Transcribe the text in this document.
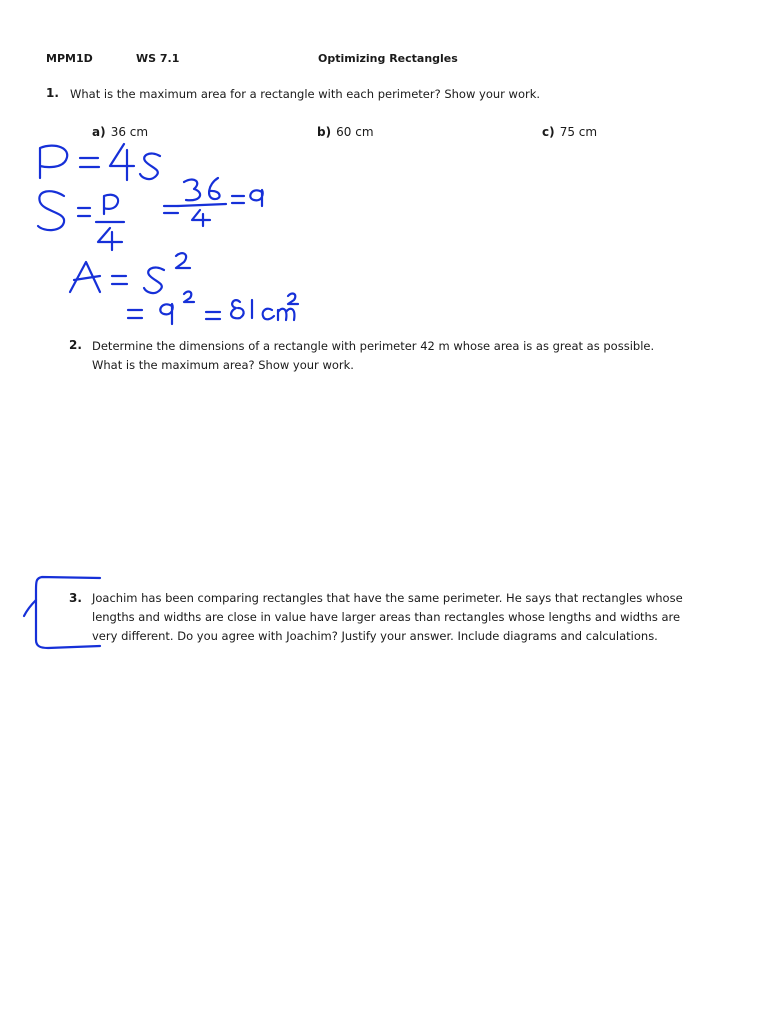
MPM1D	WS 7.1	Optimizing Rectangles
1. What is the maximum area for a rectangle with each perimeter? Show your work.
a) 36 cm	b) 60 cm	c) 75 cm
2. Determine the dimensions of a rectangle with perimeter 42 m whose area is as great as possible.
What is the maximum area? Show your work.
3. Joachim has been comparing rectangles that have the same perimeter. He says that rectangles whose
lengths and widths are close in value have larger areas than rectangles whose lengths and widths are
very different. Do you agree with Joachim? Justify your answer. Include diagrams and calculations.
